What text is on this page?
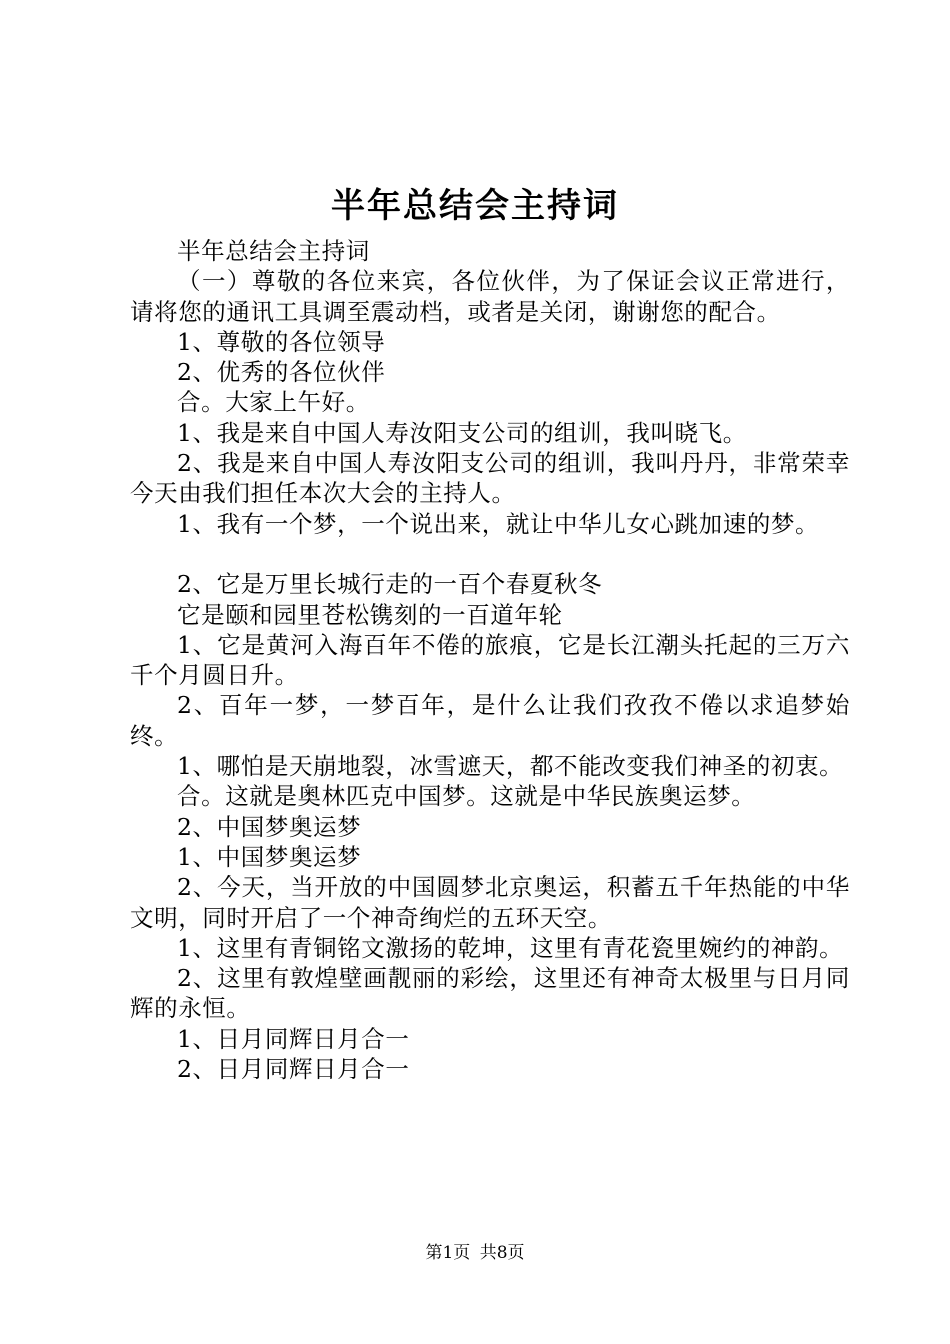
半年总结会主持词

半年总结会主持词

（一）尊敬的各位来宾，各位伙伴，为了保证会议正常进行，请将您的通讯工具调至震动档，或者是关闭，谢谢您的配合。

1、尊敬的各位领导

2、优秀的各位伙伴

合。大家上午好。

1、我是来自中国人寿汝阳支公司的组训，我叫晓飞。

2、我是来自中国人寿汝阳支公司的组训，我叫丹丹，非常荣幸今天由我们担任本次大会的主持人。

1、我有一个梦，一个说出来，就让中华儿女心跳加速的梦。

2、它是万里长城行走的一百个春夏秋冬

它是颐和园里苍松镌刻的一百道年轮

1、它是黄河入海百年不倦的旅痕，它是长江潮头托起的三万六千个月圆日升。

2、百年一梦，一梦百年，是什么让我们孜孜不倦以求追梦始终。

1、哪怕是天崩地裂，冰雪遮天，都不能改变我们神圣的初衷。

合。这就是奥林匹克中国梦。这就是中华民族奥运梦。

2、中国梦奥运梦

1、中国梦奥运梦

2、今天，当开放的中国圆梦北京奥运，积蓄五千年热能的中华文明，同时开启了一个神奇绚烂的五环天空。

1、这里有青铜铭文激扬的乾坤，这里有青花瓷里婉约的神韵。

2、这里有敦煌壁画靓丽的彩绘，这里还有神奇太极里与日月同辉的永恒。

1、日月同辉日月合一

2、日月同辉日月合一

第1页 共8页
